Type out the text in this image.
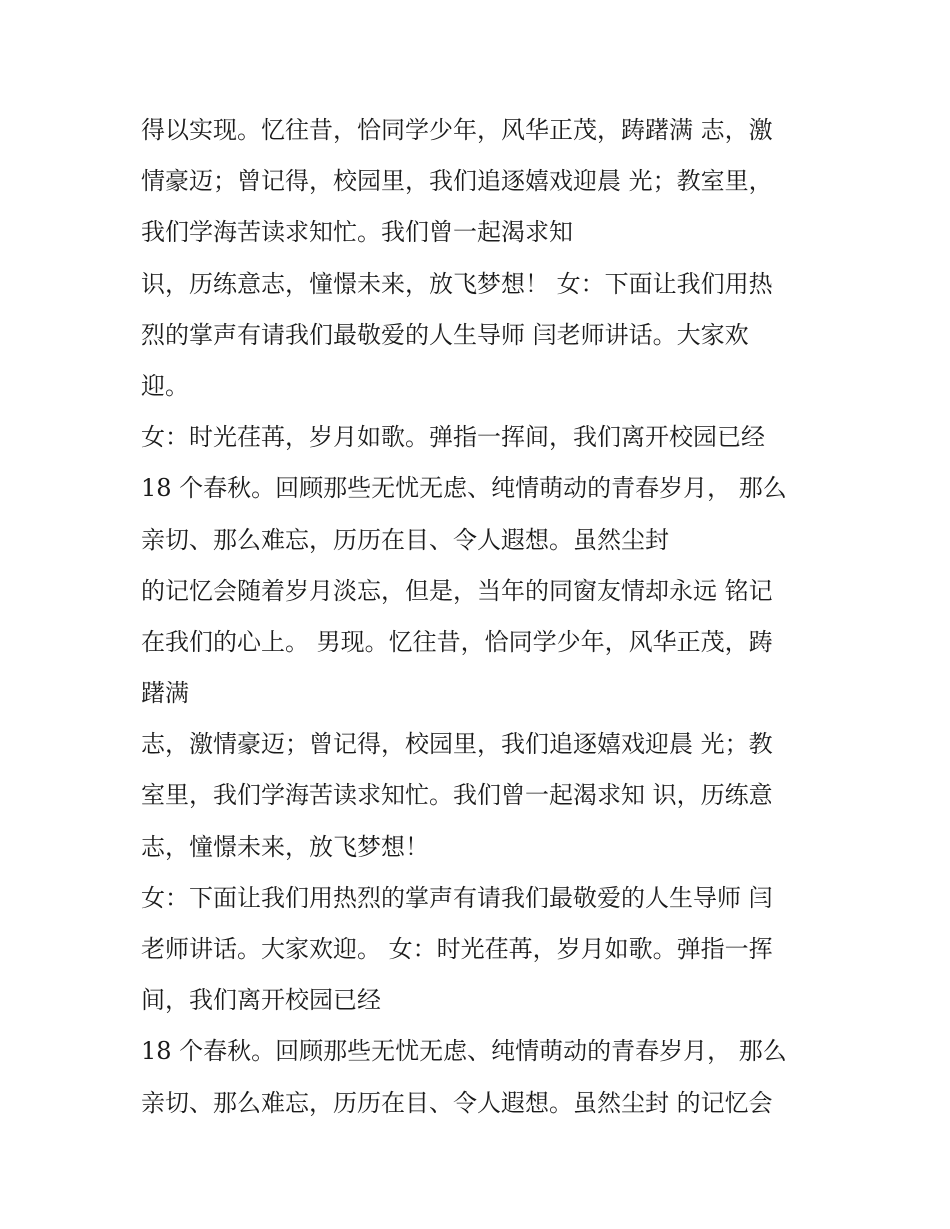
得以实现。忆往昔，恰同学少年，风华正茂，踌躇满 志，激
情豪迈；曾记得，校园里，我们追逐嬉戏迎晨 光；教室里，
我们学海苦读求知忙。我们曾一起渴求知
识，历练意志，憧憬未来，放飞梦想！ 女：下面让我们用热
烈的掌声有请我们最敬爱的人生导师 闫老师讲话。大家欢
迎。
女：时光荏苒，岁月如歌。弹指一挥间，我们离开校园已经
18 个春秋。回顾那些无忧无虑、纯情萌动的青春岁月， 那么
亲切、那么难忘，历历在目、令人遐想。虽然尘封
的记忆会随着岁月淡忘，但是，当年的同窗友情却永远 铭记
在我们的心上。 男现。忆往昔，恰同学少年，风华正茂，踌
躇满
志，激情豪迈；曾记得，校园里，我们追逐嬉戏迎晨 光；教
室里，我们学海苦读求知忙。我们曾一起渴求知 识，历练意
志，憧憬未来，放飞梦想！
女：下面让我们用热烈的掌声有请我们最敬爱的人生导师 闫
老师讲话。大家欢迎。 女：时光荏苒，岁月如歌。弹指一挥
间，我们离开校园已经
18 个春秋。回顾那些无忧无虑、纯情萌动的青春岁月， 那么
亲切、那么难忘，历历在目、令人遐想。虽然尘封 的记忆会
